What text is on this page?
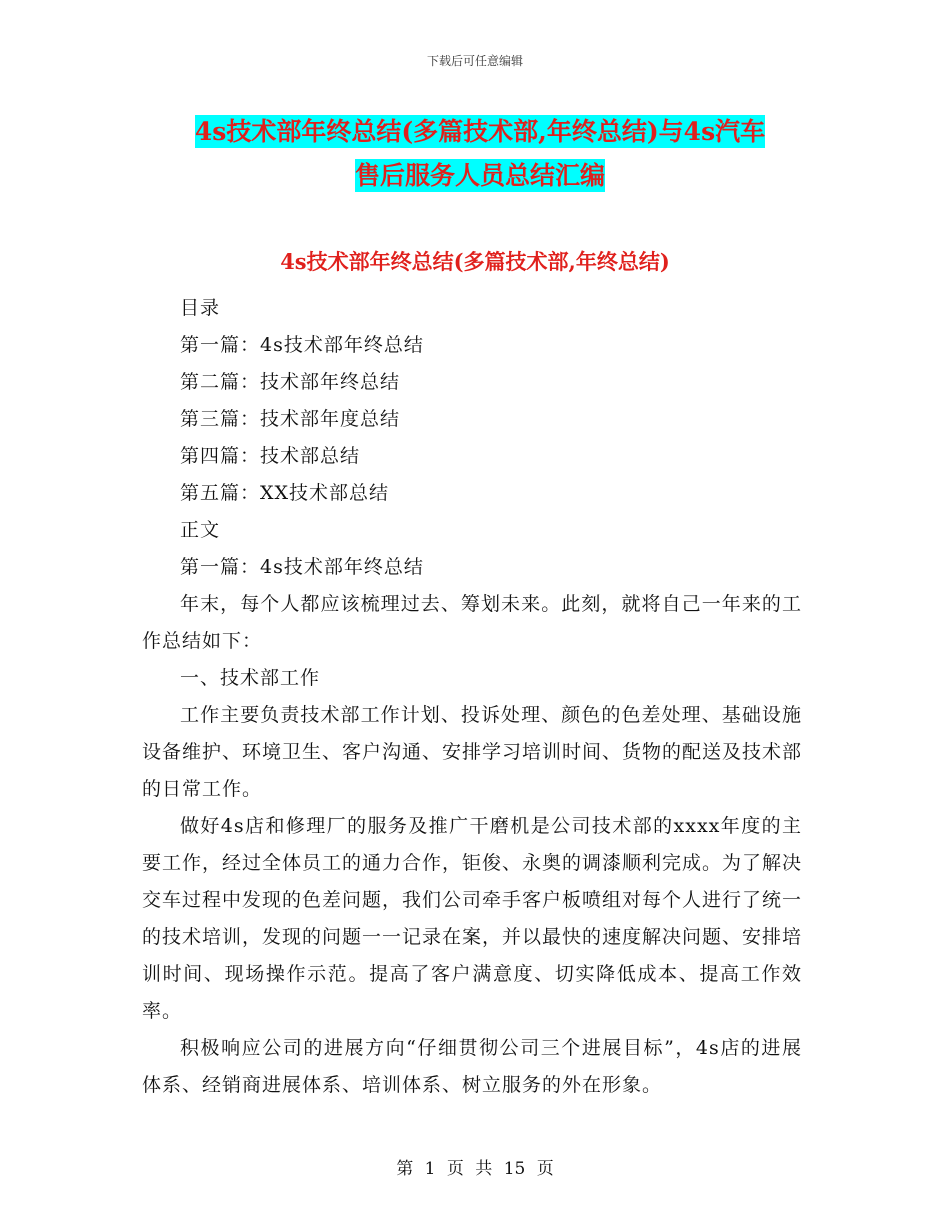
下载后可任意编辑
4s技术部年终总结(多篇技术部,年终总结)与4s汽车
售后服务人员总结汇编
4s技术部年终总结(多篇技术部,年终总结)

目录

第一篇：4s技术部年终总结

第二篇：技术部年终总结

第三篇：技术部年度总结

第四篇：技术部总结

第五篇：XX技术部总结

正文

第一篇：4s技术部年终总结

年末，每个人都应该梳理过去、筹划未来。此刻，就将自己一年来的工作总结如下：

一、技术部工作

工作主要负责技术部工作计划、投诉处理、颜色的色差处理、基础设施设备维护、环境卫生、客户沟通、安排学习培训时间、货物的配送及技术部的日常工作。

做好4s店和修理厂的服务及推广干磨机是公司技术部的xxxx年度的主要工作，经过全体员工的通力合作，钜俊、永奥的调漆顺利完成。为了解决交车过程中发现的色差问题，我们公司牵手客户板喷组对每个人进行了统一的技术培训，发现的问题一一记录在案，并以最快的速度解决问题、安排培训时间、现场操作示范。提高了客户满意度、切实降低成本、提高工作效率。

积极响应公司的进展方向“仔细贯彻公司三个进展目标”，4s店的进展体系、经销商进展体系、培训体系、树立服务的外在形象。

第 1 页 共 15 页
